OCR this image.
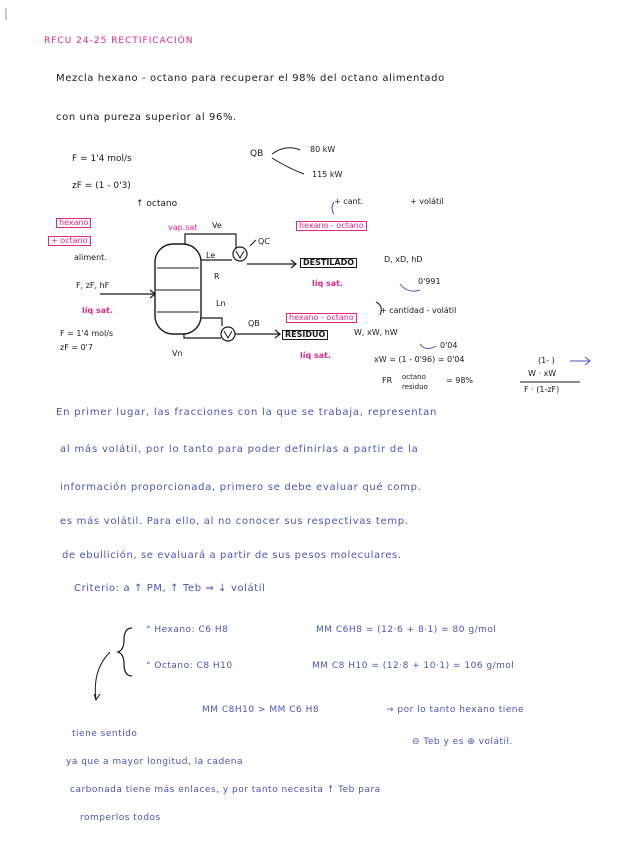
RFCU 24-25 RECTIFICACIÓN
Mezcla hexano - octano para recuperar el 98% del octano alimentado
con una pureza superior al 96%.
F = 1'4 mol/s	QB	80 kW
115 kW
zF = (1 - 0'3)
↑ octano
hexano
+ octano
aliment.
vap.sat Ve
QC
Le
R
+ cant.	+ volátil
hexano - octano
DESTILADO	D, xD, hD
líq sat.	0'991
F, zF, hF
líq sat.
F = 1'4 mol/s
zF = 0'7
Ln
QB
Vn
hexano - octano
+ cantidad - volátil
RESIDUO	W, xW, hW
0'04
líq sat.	xW = (1 - 0'96) = 0'04	(1- )
FR octano
residuo
= 98%
W · xW
F · (1-zF)
En primer lugar, las fracciones con la que se trabaja, representan
al más volátil, por lo tanto para poder definirlas a partir de la
información proporcionada, primero se debe evaluar qué comp.
es más volátil. Para ello, al no conocer sus respectivas temp.
de ebullición, se evaluará a partir de sus pesos moleculares.
Criterio: a ↑ PM, ↑ Teb ⇒ ↓ volátil
° Hexano: C6 H8	MM C6H8 = (12·6 + 8·1) = 80 g/mol
° Octano: C8 H10	MM C8 H10 = (12·8 + 10·1) = 106 g/mol
MM C8H10 > MM C6 H8	→ por lo tanto hexano tiene
⊖ Teb y es ⊕ volátil.
tiene sentido
ya que a mayor longitud, la cadena
carbonada tiene más enlaces, y por tanto necesita ↑ Teb para
romperlos todos
